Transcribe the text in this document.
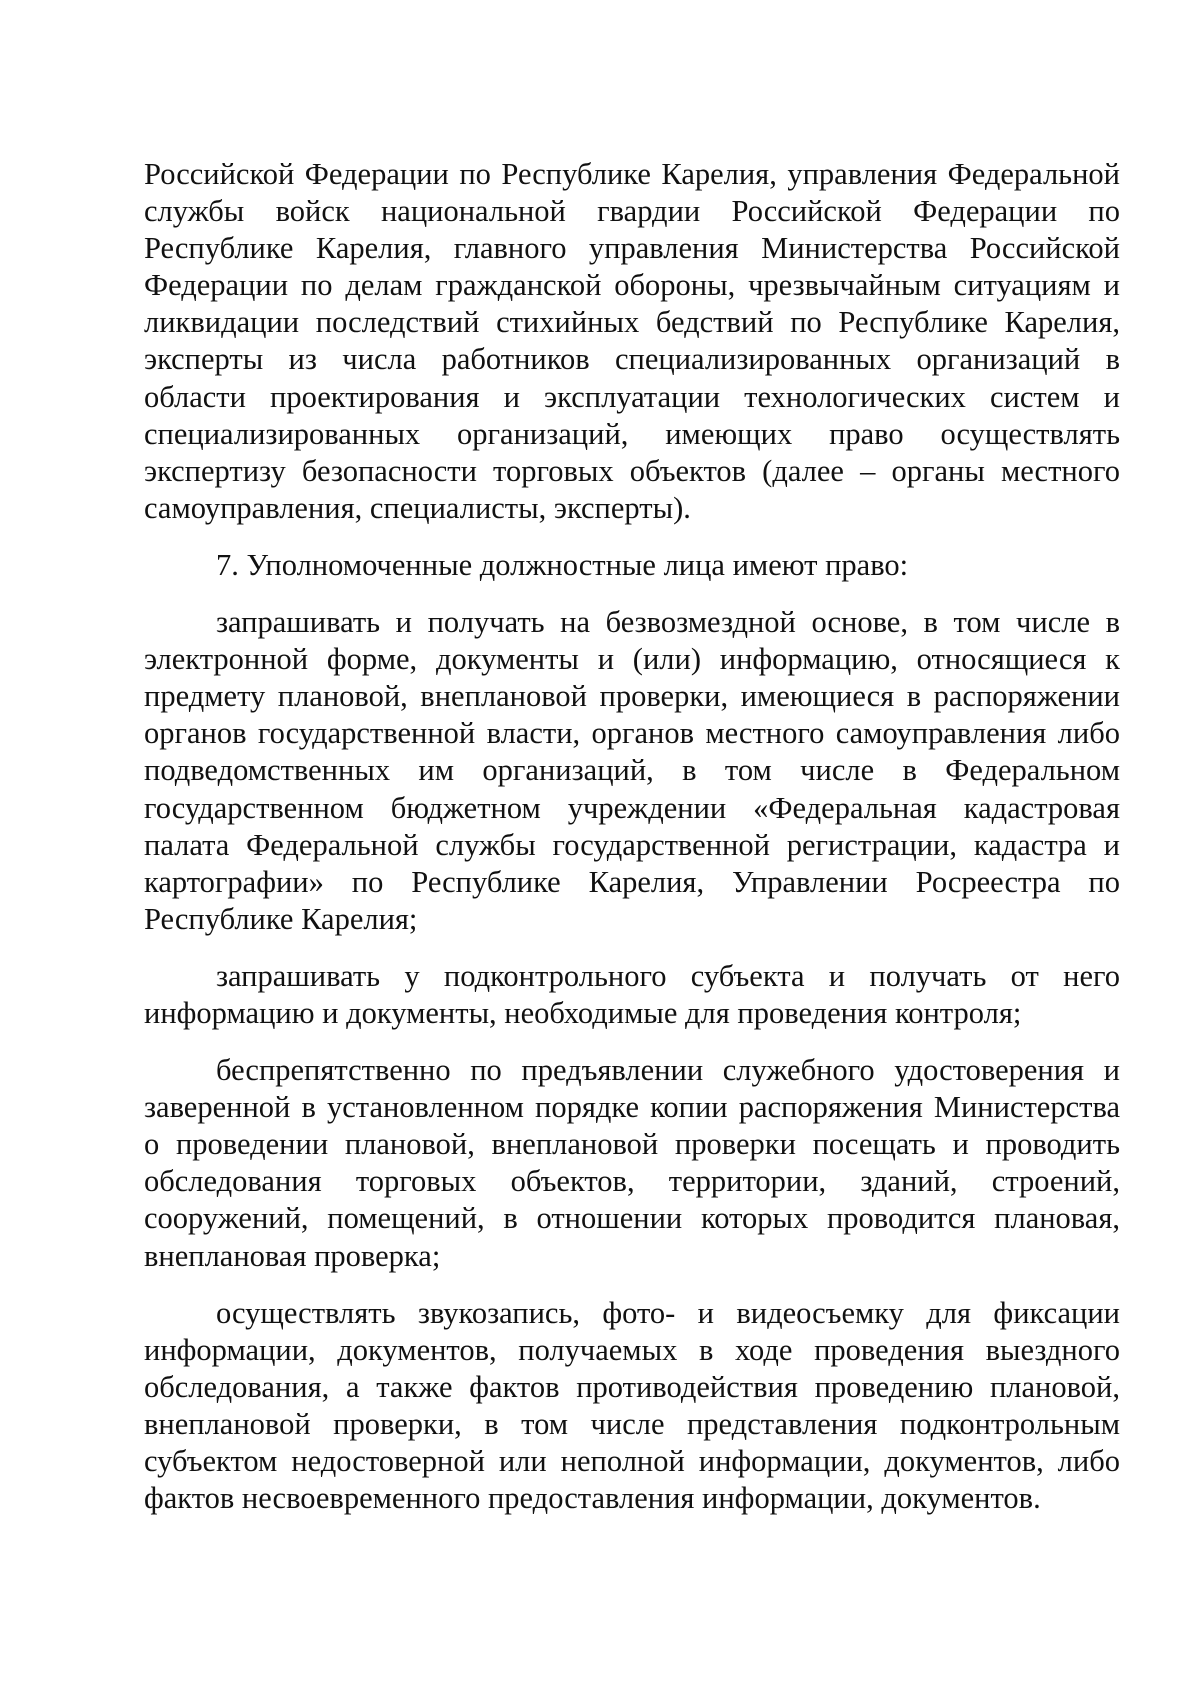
Российской Федерации по Республике Карелия, управления Федеральной службы войск национальной гвардии Российской Федерации по Республике Карелия, главного управления Министерства Российской Федерации по делам гражданской обороны, чрезвычайным ситуациям и ликвидации последствий стихийных бедствий по Республике Карелия, эксперты из числа работников специализированных организаций в области проектирования и эксплуатации технологических систем и специализированных организаций, имеющих право осуществлять экспертизу безопасности торговых объектов (далее – органы местного самоуправления, специалисты, эксперты).

7. Уполномоченные должностные лица имеют право:

запрашивать и получать на безвозмездной основе, в том числе в электронной форме, документы и (или) информацию, относящиеся к предмету плановой, внеплановой проверки, имеющиеся в распоряжении органов государственной власти, органов местного самоуправления либо подведомственных им организаций, в том числе в Федеральном государственном бюджетном учреждении «Федеральная кадастровая палата Федеральной службы государственной регистрации, кадастра и картографии» по Республике Карелия, Управлении Росреестра по Республике Карелия;

запрашивать у подконтрольного субъекта и получать от него информацию и документы, необходимые для проведения контроля;

беспрепятственно по предъявлении служебного удостоверения и заверенной в установленном порядке копии распоряжения Министерства о проведении плановой, внеплановой проверки посещать и проводить обследования торговых объектов, территории, зданий, строений, сооружений, помещений, в отношении которых проводится плановая, внеплановая проверка;

осуществлять звукозапись, фото- и видеосъемку для фиксации информации, документов, получаемых в ходе проведения выездного обследования, а также фактов противодействия проведению плановой, внеплановой проверки, в том числе представления подконтрольным субъектом недостоверной или неполной информации, документов, либо фактов несвоевременного предоставления информации, документов.
